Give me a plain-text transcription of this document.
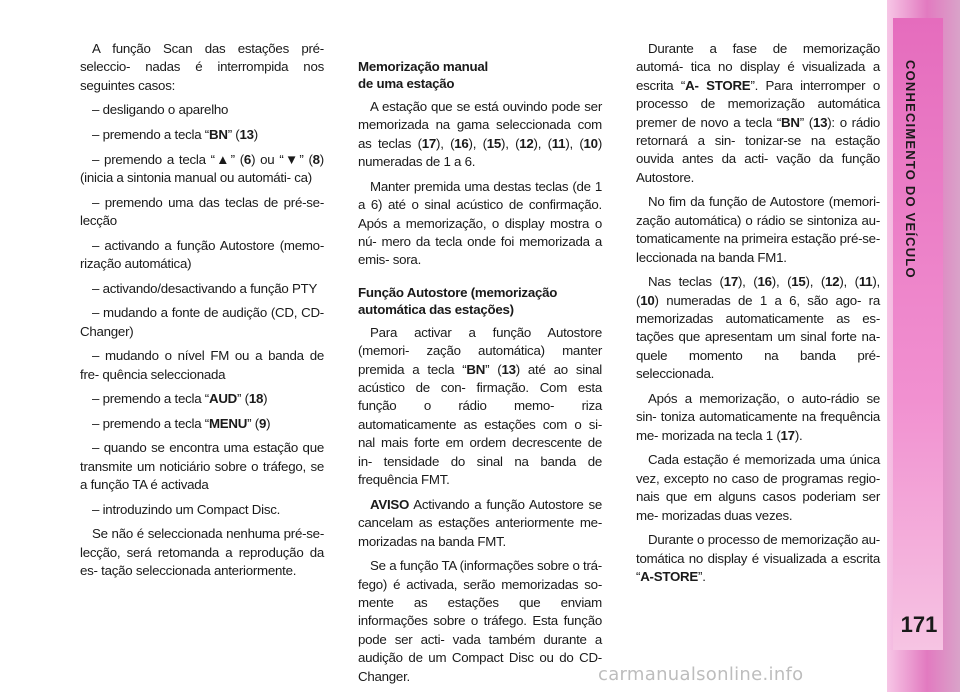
CONHECIMENTO DO VEÍCULO
171

A função Scan das estações pré-seleccio- nadas é interrompida nos seguintes casos:

– desligando o aparelho

– premendo a tecla “BN” (13)

– premendo a tecla “▲” (6) ou “▼” (8) (inicia a sintonia manual ou automáti- ca)

– premendo uma das teclas de pré-se- lecção

– activando a função Autostore (memo- rização automática)

– activando/desactivando a função PTY

– mudando a fonte de audição (CD, CD- Changer)

– mudando o nível FM ou a banda de fre- quência seleccionada

– premendo a tecla “AUD” (18)

– premendo a tecla “MENU” (9)

– quando se encontra uma estação que transmite um noticiário sobre o tráfego, se a função TA é activada

– introduzindo um Compact Disc.

Se não é seleccionada nenhuma pré-se- lecção, será retomanda a reprodução da es- tação seleccionada anteriormente.

Memorização manual
de uma estação

A estação que se está ouvindo pode ser memorizada na gama seleccionada com as teclas (17), (16), (15), (12), (11), (10) numeradas de 1 a 6.

Manter premida uma destas teclas (de 1 a 6) até o sinal acústico de confirmação. Após a memorização, o display mostra o nú- mero da tecla onde foi memorizada a emis- sora.

Função Autostore (memorização
automática das estações)

Para activar a função Autostore (memori- zação automática) manter premida a tecla “BN” (13) até ao sinal acústico de con- firmação. Com esta função o rádio memo- riza automaticamente as estações com o si- nal mais forte em ordem decrescente de in- tensidade do sinal na banda de frequência FMT.

AVISO Activando a função Autostore se cancelam as estações anteriormente me- morizadas na banda FMT.

Se a função TA (informações sobre o trá- fego) é activada, serão memorizadas so- mente as estações que enviam informações sobre o tráfego. Esta função pode ser acti- vada também durante a audição de um Compact Disc ou do CD-Changer.

Durante a fase de memorização automá- tica no display é visualizada a escrita “A- STORE”. Para interromper o processo de memorização automática premer de novo a tecla “BN” (13): o rádio retornará a sin- tonizar-se na estação ouvida antes da acti- vação da função Autostore.

No fim da função de Autostore (memori- zação automática) o rádio se sintoniza au- tomaticamente na primeira estação pré-se- leccionada na banda FM1.

Nas teclas (17), (16), (15), (12), (11), (10) numeradas de 1 a 6, são ago- ra memorizadas automaticamente as es- tações que apresentam um sinal forte na- quele momento na banda pré-seleccionada.

Após a memorização, o auto-rádio se sin- toniza automaticamente na frequência me- morizada na tecla 1 (17).

Cada estação é memorizada uma única vez, excepto no caso de programas regio- nais que em alguns casos poderiam ser me- morizadas duas vezes.

Durante o processo de memorização au- tomática no display é visualizada a escrita “A-STORE”.

carmanualsonline.info
